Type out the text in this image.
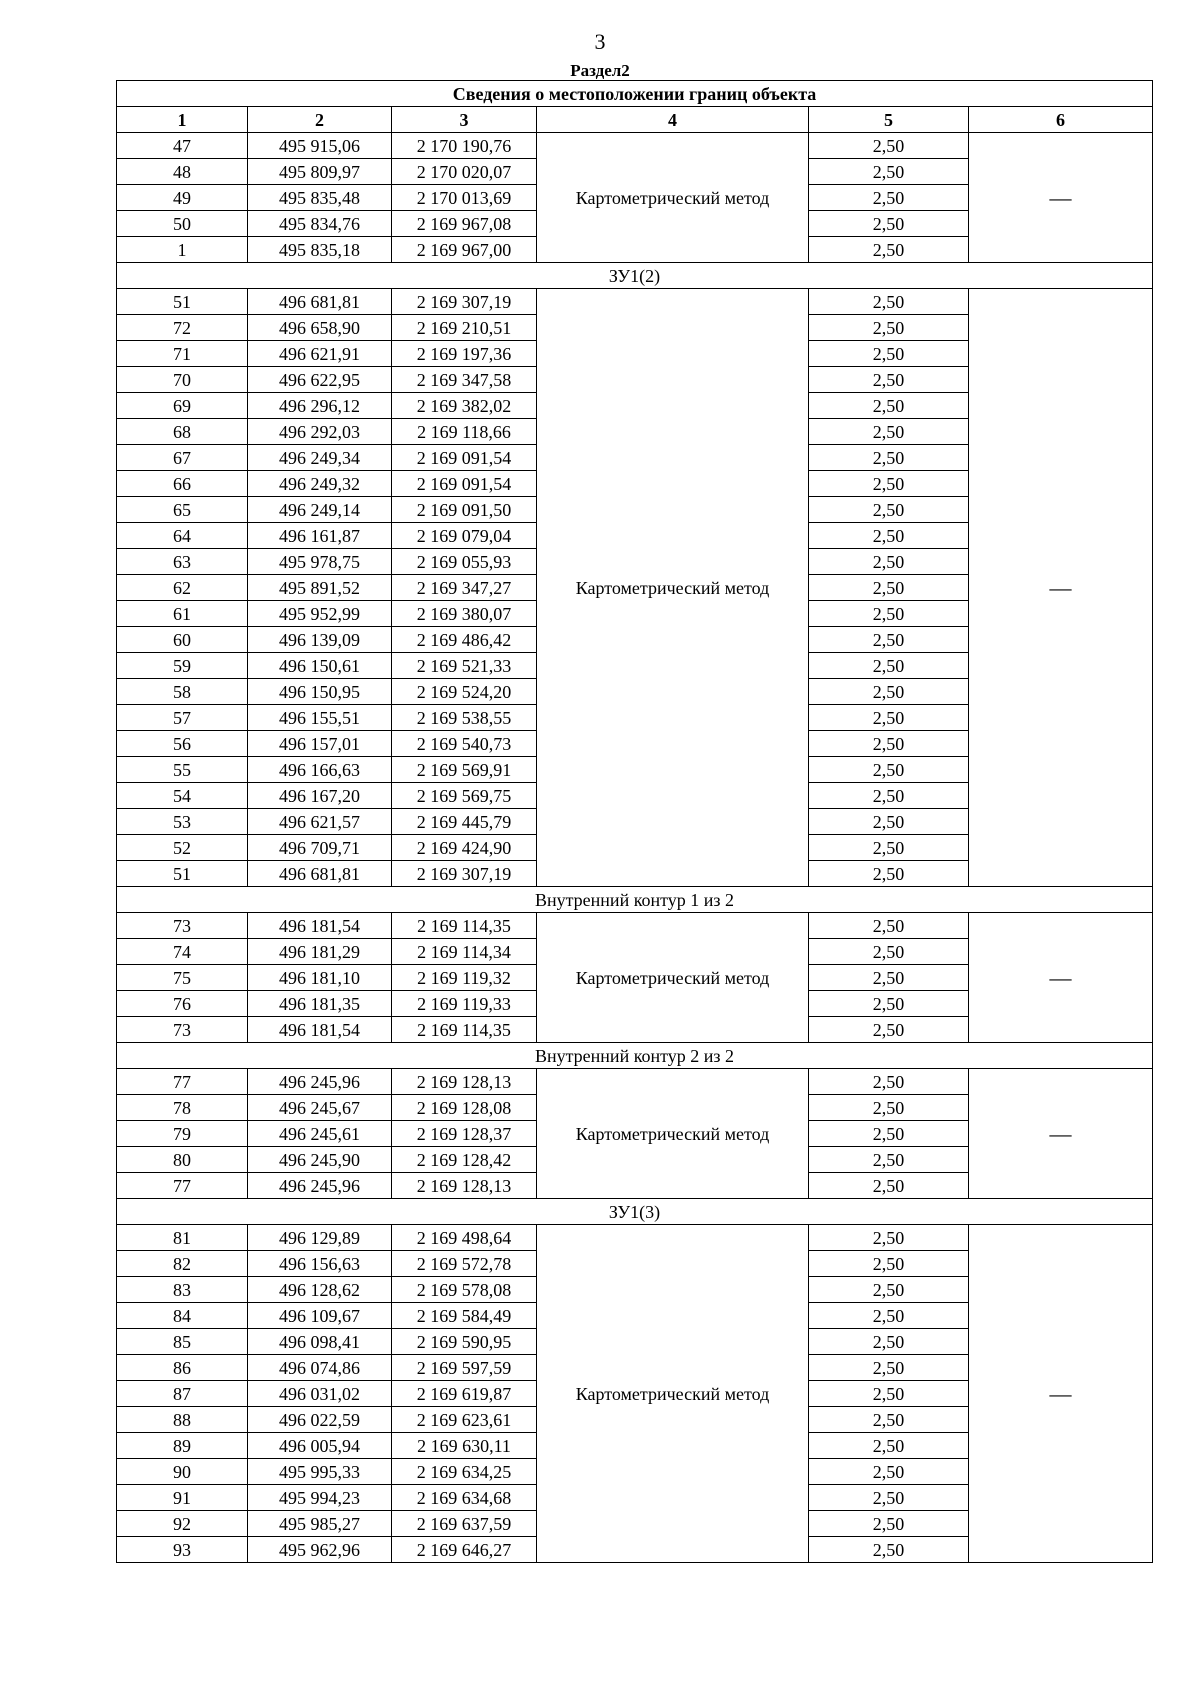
3
Раздел2
Сведения о местоположении границ объекта					
1	2	3	4	5	6
47	495 915,06	2 170 190,76	Картометрический метод	2,50	—
48	495 809,97	2 170 020,07		2,50	
49	495 835,48	2 170 013,69		2,50	
50	495 834,76	2 169 967,08		2,50	
1	495 835,18	2 169 967,00		2,50	
ЗУ1(2)					
51	496 681,81	2 169 307,19	Картометрический метод	2,50	—
72	496 658,90	2 169 210,51		2,50	
71	496 621,91	2 169 197,36		2,50	
70	496 622,95	2 169 347,58		2,50	
69	496 296,12	2 169 382,02		2,50	
68	496 292,03	2 169 118,66		2,50	
67	496 249,34	2 169 091,54		2,50	
66	496 249,32	2 169 091,54		2,50	
65	496 249,14	2 169 091,50		2,50	
64	496 161,87	2 169 079,04		2,50	
63	495 978,75	2 169 055,93		2,50	
62	495 891,52	2 169 347,27		2,50	
61	495 952,99	2 169 380,07		2,50	
60	496 139,09	2 169 486,42		2,50	
59	496 150,61	2 169 521,33		2,50	
58	496 150,95	2 169 524,20		2,50	
57	496 155,51	2 169 538,55		2,50	
56	496 157,01	2 169 540,73		2,50	
55	496 166,63	2 169 569,91		2,50	
54	496 167,20	2 169 569,75		2,50	
53	496 621,57	2 169 445,79		2,50	
52	496 709,71	2 169 424,90		2,50	
51	496 681,81	2 169 307,19		2,50	
Внутренний контур 1 из 2					
73	496 181,54	2 169 114,35	Картометрический метод	2,50	—
74	496 181,29	2 169 114,34		2,50	
75	496 181,10	2 169 119,32		2,50	
76	496 181,35	2 169 119,33		2,50	
73	496 181,54	2 169 114,35		2,50	
Внутренний контур 2 из 2					
77	496 245,96	2 169 128,13	Картометрический метод	2,50	—
78	496 245,67	2 169 128,08		2,50	
79	496 245,61	2 169 128,37		2,50	
80	496 245,90	2 169 128,42		2,50	
77	496 245,96	2 169 128,13		2,50	
ЗУ1(3)					
81	496 129,89	2 169 498,64	Картометрический метод	2,50	—
82	496 156,63	2 169 572,78		2,50	
83	496 128,62	2 169 578,08		2,50	
84	496 109,67	2 169 584,49		2,50	
85	496 098,41	2 169 590,95		2,50	
86	496 074,86	2 169 597,59		2,50	
87	496 031,02	2 169 619,87		2,50	
88	496 022,59	2 169 623,61		2,50	
89	496 005,94	2 169 630,11		2,50	
90	495 995,33	2 169 634,25		2,50	
91	495 994,23	2 169 634,68		2,50	
92	495 985,27	2 169 637,59		2,50	
93	495 962,96	2 169 646,27		2,50	
